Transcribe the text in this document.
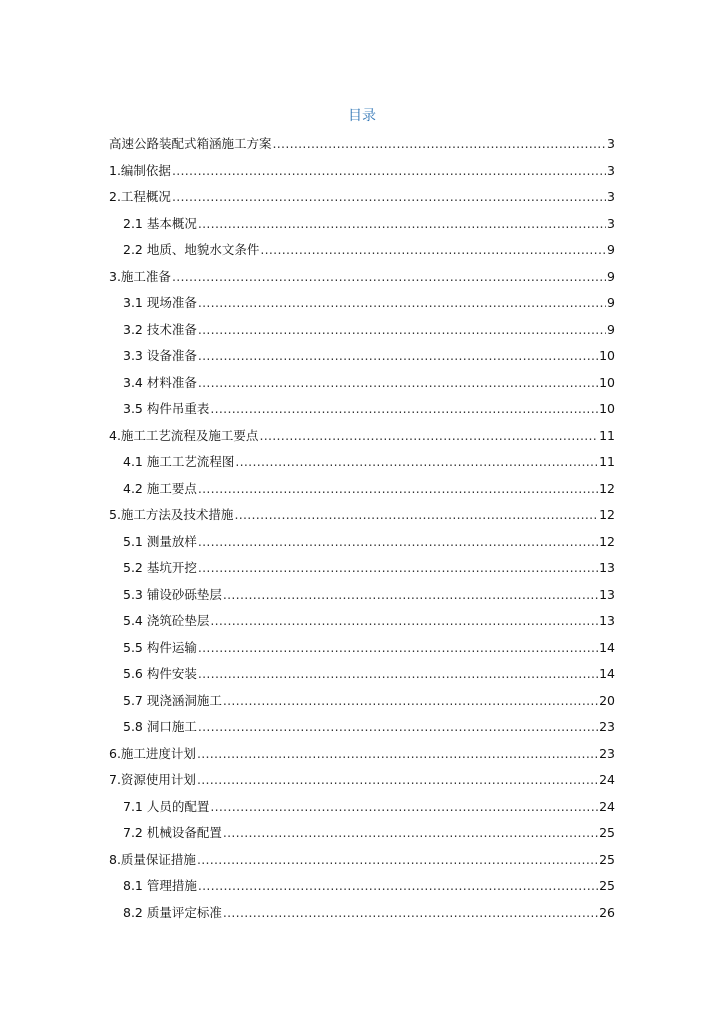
目录
高速公路装配式箱涵施工方案 .....	3
1.编制依据 .....	3
2.工程概况 .....	3
2.1 基本概况 .....	3
2.2 地质、地貌水文条件 .....	9
3.施工准备 .....	9
3.1 现场准备 .....	9
3.2 技术准备 .....	9
3.3 设备准备 .....	10
3.4 材料准备 .....	10
3.5 构件吊重表 .....	10
4.施工工艺流程及施工要点 .....	11
4.1 施工工艺流程图 .....	11
4.2 施工要点 .....	12
5.施工方法及技术措施 .....	12
5.1 测量放样 .....	12
5.2 基坑开挖 .....	13
5.3 铺设砂砾垫层 .....	13
5.4 浇筑砼垫层 .....	13
5.5 构件运输 .....	14
5.6 构件安装 .....	14
5.7 现浇涵洞施工 .....	20
5.8 洞口施工 .....	23
6.施工进度计划 .....	23
7.资源使用计划 .....	24
7.1 人员的配置 .....	24
7.2 机械设备配置 .....	25
8.质量保证措施 .....	25
8.1 管理措施 .....	25
8.2 质量评定标准 .....	26
